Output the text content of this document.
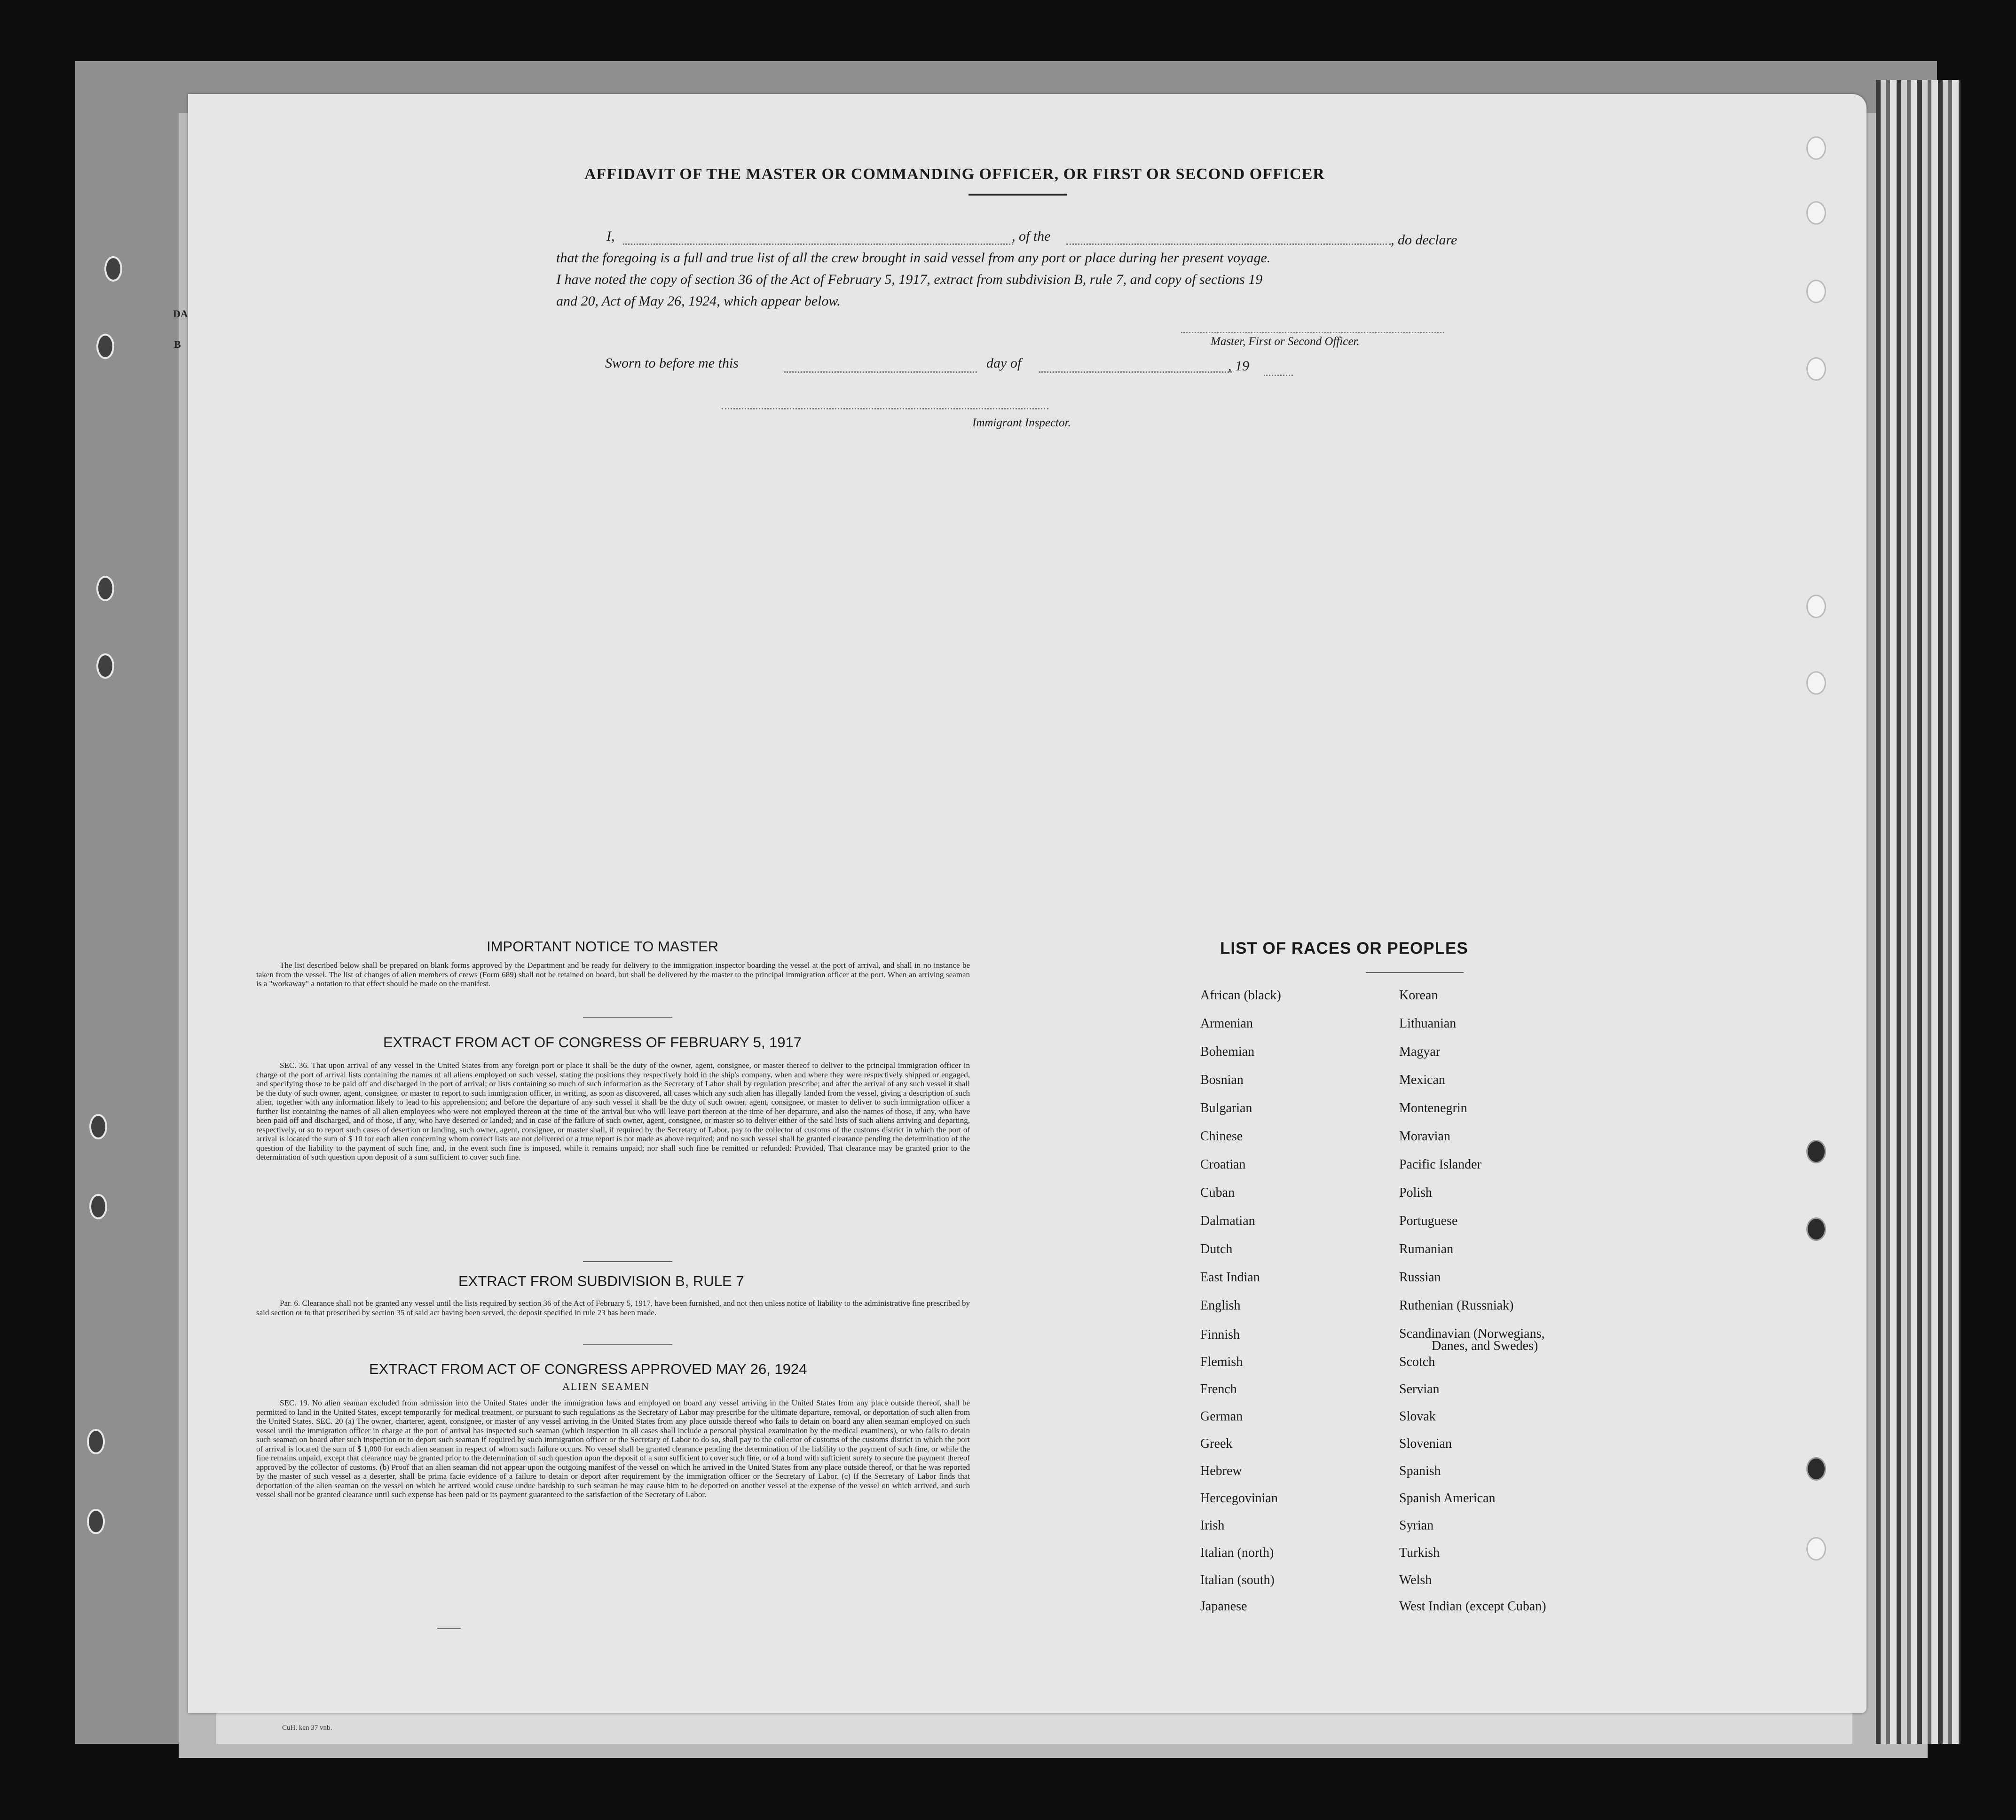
DA
B
CuH. ken 37 vnb.
AFFIDAVIT OF THE MASTER OR COMMANDING OFFICER, OR FIRST OR SECOND OFFICER
I,	, of the	, do declare
that the foregoing is a full and true list of all the crew brought in said vessel from any port or place during her present voyage.
I have noted the copy of section 36 of the Act of February 5, 1917, extract from subdivision B, rule 7, and copy of sections 19
and 20, Act of May 26, 1924, which appear below.
Master, First or Second Officer.
Sworn to before me this	day of	, 19
Immigrant Inspector.
IMPORTANT NOTICE TO MASTER
The list described below shall be prepared on blank forms approved by the Department and be ready for delivery to the immigration inspector boarding the vessel at the port of arrival, and shall in no instance be taken from the vessel. The list of changes of alien members of crews (Form 689) shall not be retained on board, but shall be delivered by the master to the principal immigration officer at the port. When an arriving seaman is a "workaway" a notation to that effect should be made on the manifest.
EXTRACT FROM ACT OF CONGRESS OF FEBRUARY 5, 1917
SEC. 36. That upon arrival of any vessel in the United States from any foreign port or place it shall be the duty of the owner, agent, consignee, or master thereof to deliver to the principal immigration officer in charge of the port of arrival lists containing the names of all aliens employed on such vessel, stating the positions they respectively hold in the ship's company, when and where they were respectively shipped or engaged, and specifying those to be paid off and discharged in the port of arrival; or lists containing so much of such information as the Secretary of Labor shall by regulation prescribe; and after the arrival of any such vessel it shall be the duty of such owner, agent, consignee, or master to report to such immigration officer, in writing, as soon as discovered, all cases which any such alien has illegally landed from the vessel, giving a description of such alien, together with any information likely to lead to his apprehension; and before the departure of any such vessel it shall be the duty of such owner, agent, consignee, or master to deliver to such immigration officer a further list containing the names of all alien employees who were not employed thereon at the time of the arrival but who will leave port thereon at the time of her departure, and also the names of those, if any, who have been paid off and discharged, and of those, if any, who have deserted or landed; and in case of the failure of such owner, agent, consignee, or master so to deliver either of the said lists of such aliens arriving and departing, respectively, or so to report such cases of desertion or landing, such owner, agent, consignee, or master shall, if required by the Secretary of Labor, pay to the collector of customs of the customs district in which the port of arrival is located the sum of $ 10 for each alien concerning whom correct lists are not delivered or a true report is not made as above required; and no such vessel shall be granted clearance pending the determination of the question of the liability to the payment of such fine, and, in the event such fine is imposed, while it remains unpaid; nor shall such fine be remitted or refunded: Provided, That clearance may be granted prior to the determination of such question upon deposit of a sum sufficient to cover such fine.
EXTRACT FROM SUBDIVISION B, RULE 7
Par. 6. Clearance shall not be granted any vessel until the lists required by section 36 of the Act of February 5, 1917, have been furnished, and not then unless notice of liability to the administrative fine prescribed by said section or to that prescribed by section 35 of said act having been served, the deposit specified in rule 23 has been made.
EXTRACT FROM ACT OF CONGRESS APPROVED MAY 26, 1924
ALIEN SEAMEN
SEC. 19. No alien seaman excluded from admission into the United States under the immigration laws and employed on board any vessel arriving in the United States from any place outside thereof, shall be permitted to land in the United States, except temporarily for medical treatment, or pursuant to such regulations as the Secretary of Labor may prescribe for the ultimate departure, removal, or deportation of such alien from the United States. SEC. 20 (a) The owner, charterer, agent, consignee, or master of any vessel arriving in the United States from any place outside thereof who fails to detain on board any alien seaman employed on such vessel until the immigration officer in charge at the port of arrival has inspected such seaman (which inspection in all cases shall include a personal physical examination by the medical examiners), or who fails to detain such seaman on board after such inspection or to deport such seaman if required by such immigration officer or the Secretary of Labor to do so, shall pay to the collector of customs of the customs district in which the port of arrival is located the sum of $ 1,000 for each alien seaman in respect of whom such failure occurs. No vessel shall be granted clearance pending the determination of the liability to the payment of such fine, or while the fine remains unpaid, except that clearance may be granted prior to the determination of such question upon the deposit of a sum sufficient to cover such fine, or of a bond with sufficient surety to secure the payment thereof approved by the collector of customs. (b) Proof that an alien seaman did not appear upon the outgoing manifest of the vessel on which he arrived in the United States from any place outside thereof, or that he was reported by the master of such vessel as a deserter, shall be prima facie evidence of a failure to detain or deport after requirement by the immigration officer or the Secretary of Labor. (c) If the Secretary of Labor finds that deportation of the alien seaman on the vessel on which he arrived would cause undue hardship to such seaman he may cause him to be deported on another vessel at the expense of the vessel on which arrived, and such vessel shall not be granted clearance until such expense has been paid or its payment guaranteed to the satisfaction of the Secretary of Labor.
LIST OF RACES OR PEOPLES
African (black)
Armenian
Bohemian
Bosnian
Bulgarian
Chinese
Croatian
Cuban
Dalmatian
Dutch
East Indian
English
Finnish
Flemish
French
German
Greek
Hebrew
Hercegovinian
Irish
Italian (north)
Italian (south)
Japanese
Korean
Lithuanian
Magyar
Mexican
Montenegrin
Moravian
Pacific Islander
Polish
Portuguese
Rumanian
Russian
Ruthenian (Russniak)
Scandinavian (Norwegians,
Danes, and Swedes)
Scotch
Servian
Slovak
Slovenian
Spanish
Spanish American
Syrian
Turkish
Welsh
West Indian (except Cuban)
